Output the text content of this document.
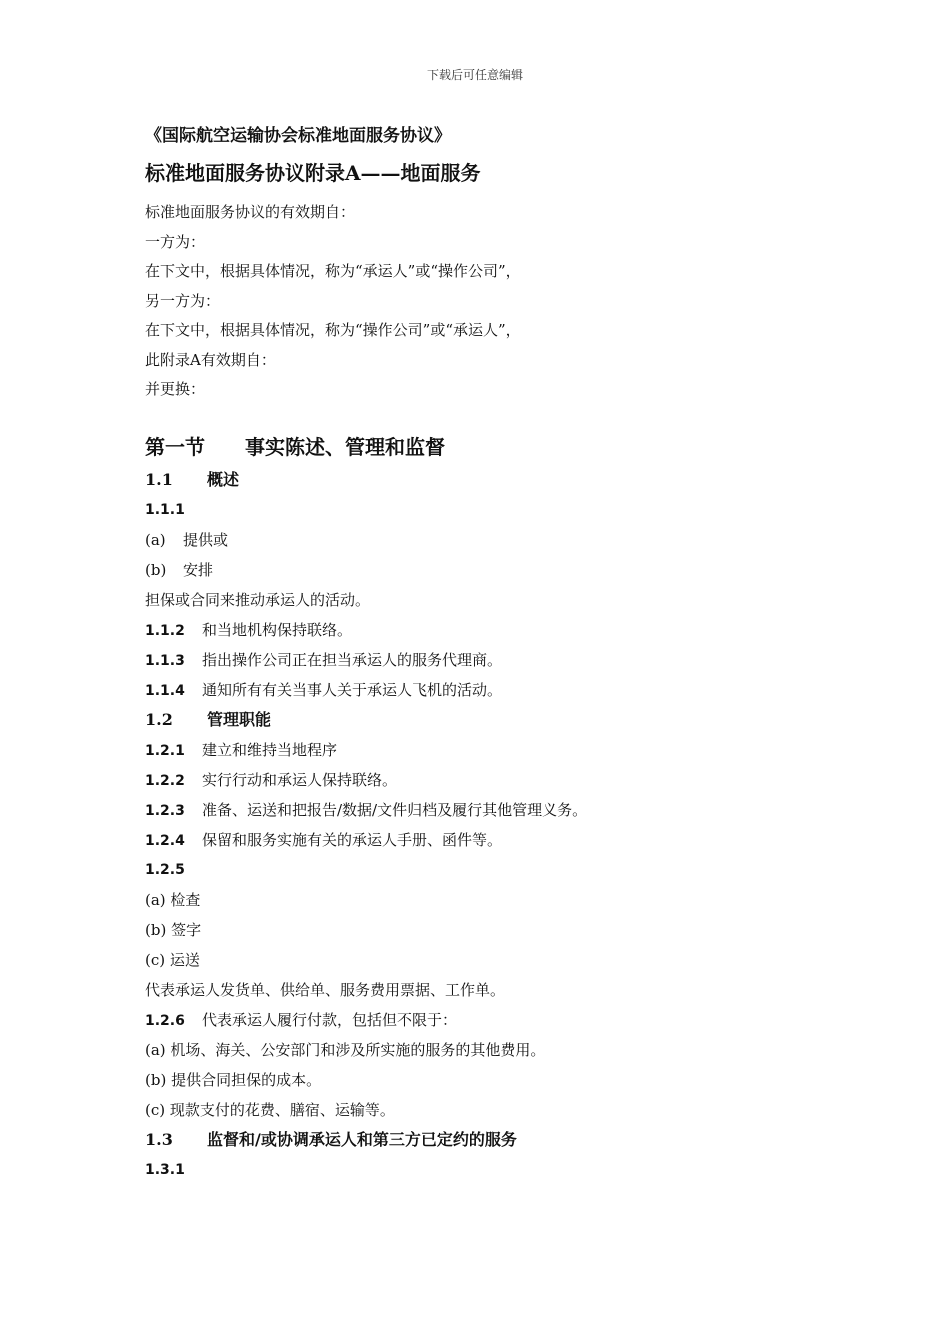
下载后可任意编辑
《国际航空运输协会标准地面服务协议》
标准地面服务协议附录A——地面服务
标准地面服务协议的有效期自：
一方为：
在下文中，根据具体情况，称为“承运人”或“操作公司”，
另一方为：
在下文中，根据具体情况，称为“操作公司”或“承运人”，
此附录A有效期自：
并更换：
第一节 事实陈述、管理和监督
1.1 概述
1.1.1
(a) 提供或
(b) 安排
担保或合同来推动承运人的活动。
1.1.2 和当地机构保持联络。
1.1.3 指出操作公司正在担当承运人的服务代理商。
1.1.4 通知所有有关当事人关于承运人飞机的活动。
1.2 管理职能
1.2.1 建立和维持当地程序
1.2.2 实行行动和承运人保持联络。
1.2.3 准备、运送和把报告/数据/文件归档及履行其他管理义务。
1.2.4 保留和服务实施有关的承运人手册、函件等。
1.2.5
(a) 检查
(b) 签字
(c) 运送
代表承运人发货单、供给单、服务费用票据、工作单。
1.2.6 代表承运人履行付款，包括但不限于：
(a) 机场、海关、公安部门和涉及所实施的服务的其他费用。
(b) 提供合同担保的成本。
(c) 现款支付的花费、膳宿、运输等。
1.3 监督和/或协调承运人和第三方已定约的服务
1.3.1
